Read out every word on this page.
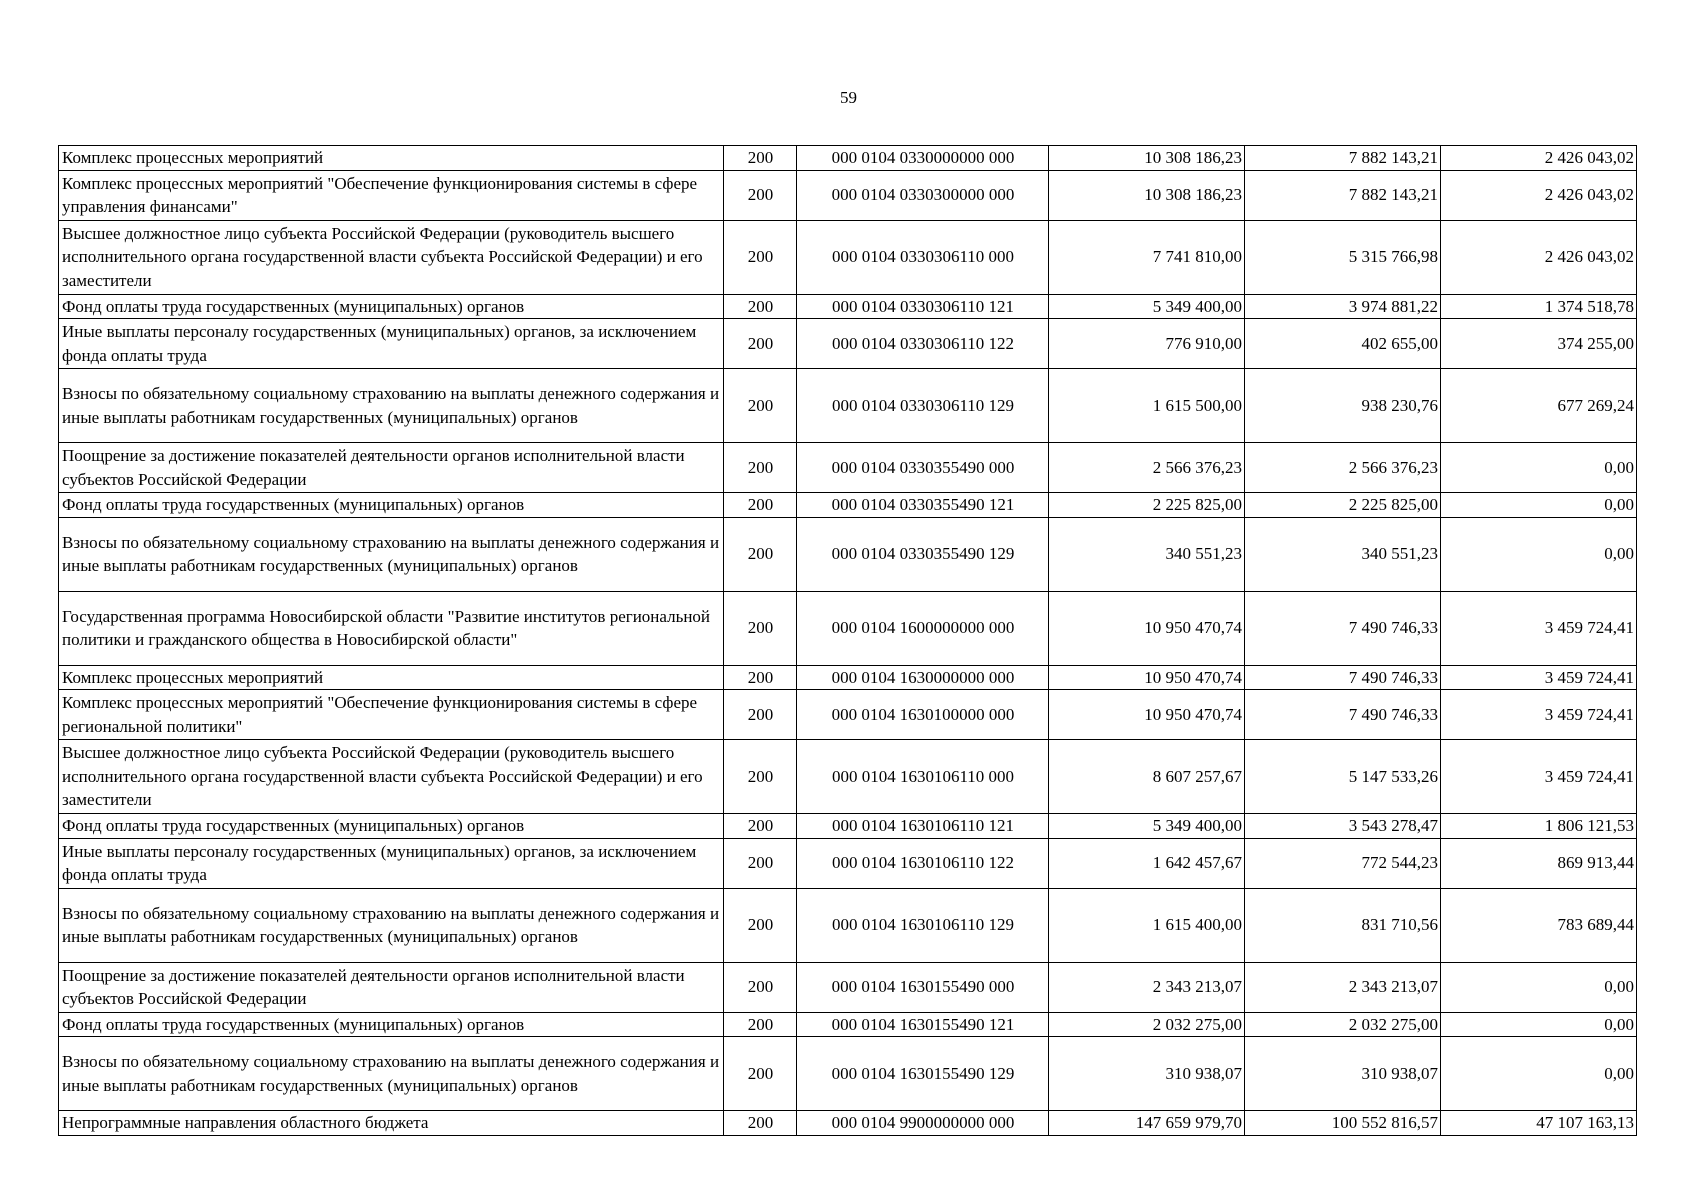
59
Комплекс процессных мероприятий	200	000 0104 0330000000 000	10 308 186,23	7 882 143,21	2 426 043,02
Комплекс процессных мероприятий "Обеспечение функционирования системы в сфере управления финансами"	200	000 0104 0330300000 000	10 308 186,23	7 882 143,21	2 426 043,02
Высшее должностное лицо субъекта Российской Федерации (руководитель высшего исполнительного органа государственной власти субъекта Российской Федерации) и его заместители	200	000 0104 0330306110 000	7 741 810,00	5 315 766,98	2 426 043,02
Фонд оплаты труда государственных (муниципальных) органов	200	000 0104 0330306110 121	5 349 400,00	3 974 881,22	1 374 518,78
Иные выплаты персоналу государственных (муниципальных) органов, за исключением фонда оплаты труда	200	000 0104 0330306110 122	776 910,00	402 655,00	374 255,00
Взносы по обязательному социальному страхованию на выплаты денежного содержания и иные выплаты работникам государственных (муниципальных) органов	200	000 0104 0330306110 129	1 615 500,00	938 230,76	677 269,24
Поощрение за достижение показателей деятельности органов исполнительной власти субъектов Российской Федерации	200	000 0104 0330355490 000	2 566 376,23	2 566 376,23	0,00
Фонд оплаты труда государственных (муниципальных) органов	200	000 0104 0330355490 121	2 225 825,00	2 225 825,00	0,00
Взносы по обязательному социальному страхованию на выплаты денежного содержания и иные выплаты работникам государственных (муниципальных) органов	200	000 0104 0330355490 129	340 551,23	340 551,23	0,00
Государственная программа Новосибирской области "Развитие институтов региональной политики и гражданского общества в Новосибирской области"	200	000 0104 1600000000 000	10 950 470,74	7 490 746,33	3 459 724,41
Комплекс процессных мероприятий	200	000 0104 1630000000 000	10 950 470,74	7 490 746,33	3 459 724,41
Комплекс процессных мероприятий "Обеспечение функционирования системы в сфере региональной политики"	200	000 0104 1630100000 000	10 950 470,74	7 490 746,33	3 459 724,41
Высшее должностное лицо субъекта Российской Федерации (руководитель высшего исполнительного органа государственной власти субъекта Российской Федерации) и его заместители	200	000 0104 1630106110 000	8 607 257,67	5 147 533,26	3 459 724,41
Фонд оплаты труда государственных (муниципальных) органов	200	000 0104 1630106110 121	5 349 400,00	3 543 278,47	1 806 121,53
Иные выплаты персоналу государственных (муниципальных) органов, за исключением фонда оплаты труда	200	000 0104 1630106110 122	1 642 457,67	772 544,23	869 913,44
Взносы по обязательному социальному страхованию на выплаты денежного содержания и иные выплаты работникам государственных (муниципальных) органов	200	000 0104 1630106110 129	1 615 400,00	831 710,56	783 689,44
Поощрение за достижение показателей деятельности органов исполнительной власти субъектов Российской Федерации	200	000 0104 1630155490 000	2 343 213,07	2 343 213,07	0,00
Фонд оплаты труда государственных (муниципальных) органов	200	000 0104 1630155490 121	2 032 275,00	2 032 275,00	0,00
Взносы по обязательному социальному страхованию на выплаты денежного содержания и иные выплаты работникам государственных (муниципальных) органов	200	000 0104 1630155490 129	310 938,07	310 938,07	0,00
Непрограммные направления областного бюджета	200	000 0104 9900000000 000	147 659 979,70	100 552 816,57	47 107 163,13
